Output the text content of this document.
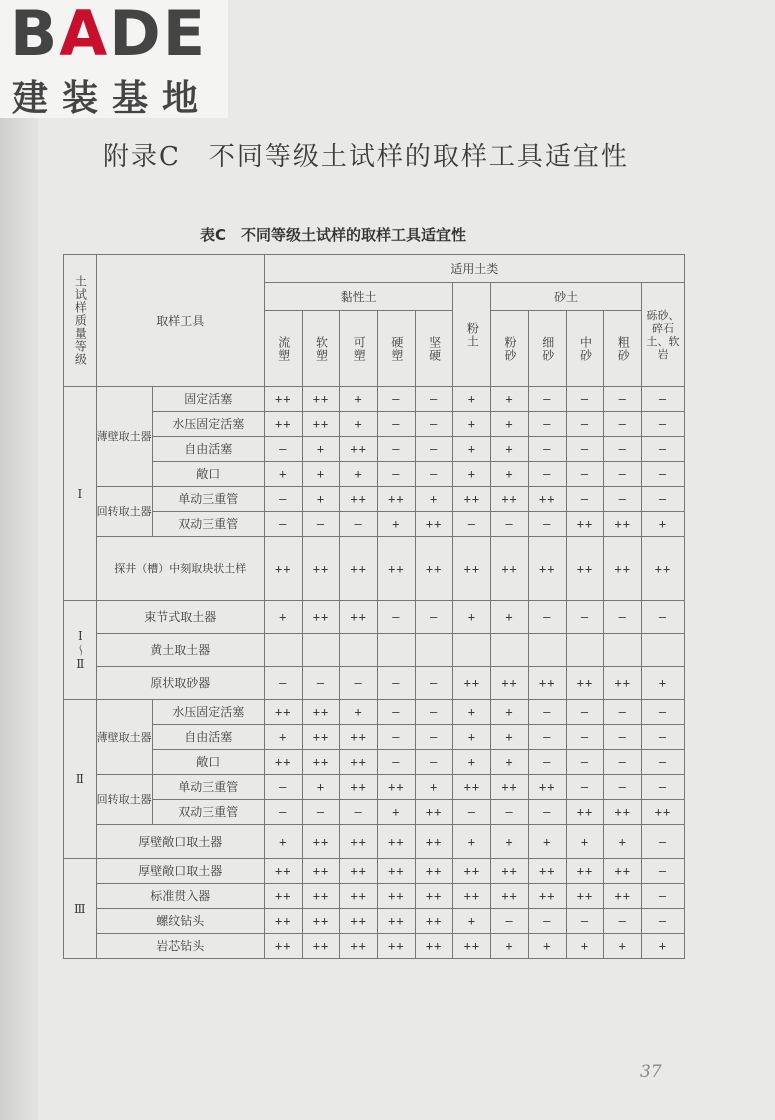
BADE
建装基地
附录C　不同等级土试样的取样工具适宜性
表C　不同等级土试样的取样工具适宜性
土试样质量等级	取样工具		适用土类										
			黏性土					粉土	砂土				砾砂、碎石土、软岩

			流塑	软塑	可塑	硬塑	坚硬		粉砂	细砂	中砂	粗砂	

Ⅰ	薄壁取土器	固定活塞	++	++	+	—	—	+	+	—	—	—	—
		水压固定活塞	++	++	+	—	—	+	+	—	—	—	—
		自由活塞	—	+	++	—	—	+	+	—	—	—	—
		敞口	+	+	+	—	—	+	+	—	—	—	—
	回转取土器	单动三重管	—	+	++	++	+	++	++	++	—	—	—
		双动三重管	—	—	—	+	++	—	—	—	++	++	+
	探井（槽）中刻取块状土样		++	++	++	++	++	++	++	++	++	++	++

Ⅰ～Ⅱ	束节式取土器		+	++	++	—	—	+	+	—	—	—	—
	黄土取土器												
	原状取砂器		—	—	—	—	—	++	++	++	++	++	+
Ⅱ	薄壁取土器	水压固定活塞	++	++	+	—	—	+	+	—	—	—	—
		自由活塞	+	++	++	—	—	+	+	—	—	—	—
		敞口	++	++	++	—	—	+	+	—	—	—	—
	回转取土器	单动三重管	—	+	++	++	+	++	++	++	—	—	—
		双动三重管	—	—	—	+	++	—	—	—	++	++	++
	厚壁敞口取土器		+	++	++	++	++	+	+	+	+	+	—
Ⅲ	厚壁敞口取土器		++	++	++	++	++	++	++	++	++	++	—
	标准贯入器		++	++	++	++	++	++	++	++	++	++	—
	螺纹钻头		++	++	++	++	++	+	—	—	—	—	—
	岩芯钻头		++	++	++	++	++	++	+	+	+	+	+
37
